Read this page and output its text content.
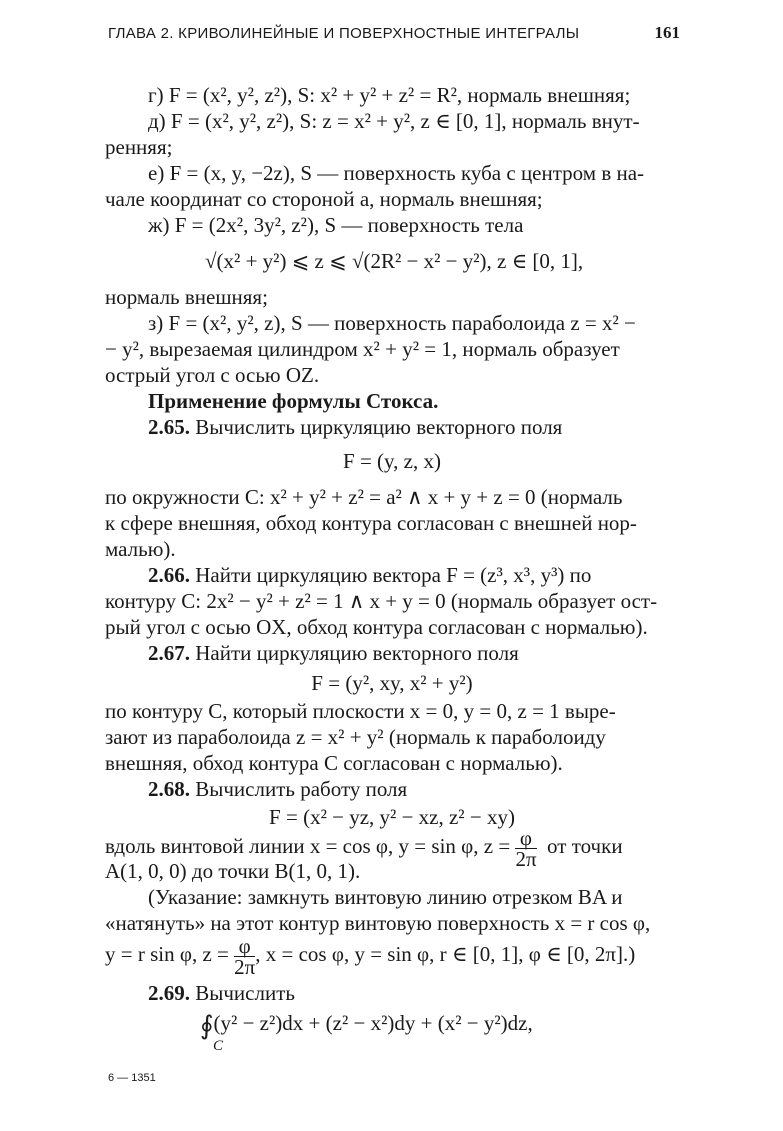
ГЛАВА 2. КРИВОЛИНЕЙНЫЕ И ПОВЕРХНОСТНЫЕ ИНТЕГРАЛЫ	161
г) F = (x², y², z²), S: x² + y² + z² = R², нормаль внешняя;
д) F = (x², y², z²), S: z = x² + y², z ∈ [0, 1], нормаль внут-
ренняя;
е) F = (x, y, −2z), S — поверхность куба с центром в на-
чале координат со стороной a, нормаль внешняя;
ж) F = (2x², 3y², z²), S — поверхность тела
√(x² + y²) ⩽ z ⩽ √(2R² − x² − y²), z ∈ [0, 1],
нормаль внешняя;
з) F = (x², y², z), S — поверхность параболоида z = x² −
− y², вырезаемая цилиндром x² + y² = 1, нормаль образует
острый угол с осью OZ.
Применение формулы Стокса.
2.65. Вычислить циркуляцию векторного поля
F = (y, z, x)
по окружности C: x² + y² + z² = a² ∧ x + y + z = 0 (нормаль
к сфере внешняя, обход контура согласован с внешней нор-
малью).
2.66. Найти циркуляцию вектора F = (z³, x³, y³) по
контуру C: 2x² − y² + z² = 1 ∧ x + y = 0 (нормаль образует ост-
рый угол с осью OX, обход контура согласован с нормалью).
2.67. Найти циркуляцию векторного поля
F = (y², xy, x² + y²)
по контуру C, который плоскости x = 0, y = 0, z = 1 выре-
зают из параболоида z = x² + y² (нормаль к параболоиду
внешняя, обход контура C согласован с нормалью).
2.68. Вычислить работу поля
F = (x² − yz, y² − xz, z² − xy)
вдоль винтовой линии x = cos φ, y = sin φ, $z = \frac{\varphi}{2\pi}$ от точки
A(1, 0, 0) до точки B(1, 0, 1).
(Указание: замкнуть винтовую линию отрезком BA и
«натянуть» на этот контур винтовую поверхность x = r cos φ,
y = r sin φ, $z = \frac{\varphi}{2\pi}$ , x = cos φ, y = sin φ, r ∈ [0, 1], φ ∈ [0, 2π].)
2.69. Вычислить
∮(y² − z²)dx + (z² − x²)dy + (x² − y²)dz,
C
6 — 1351
